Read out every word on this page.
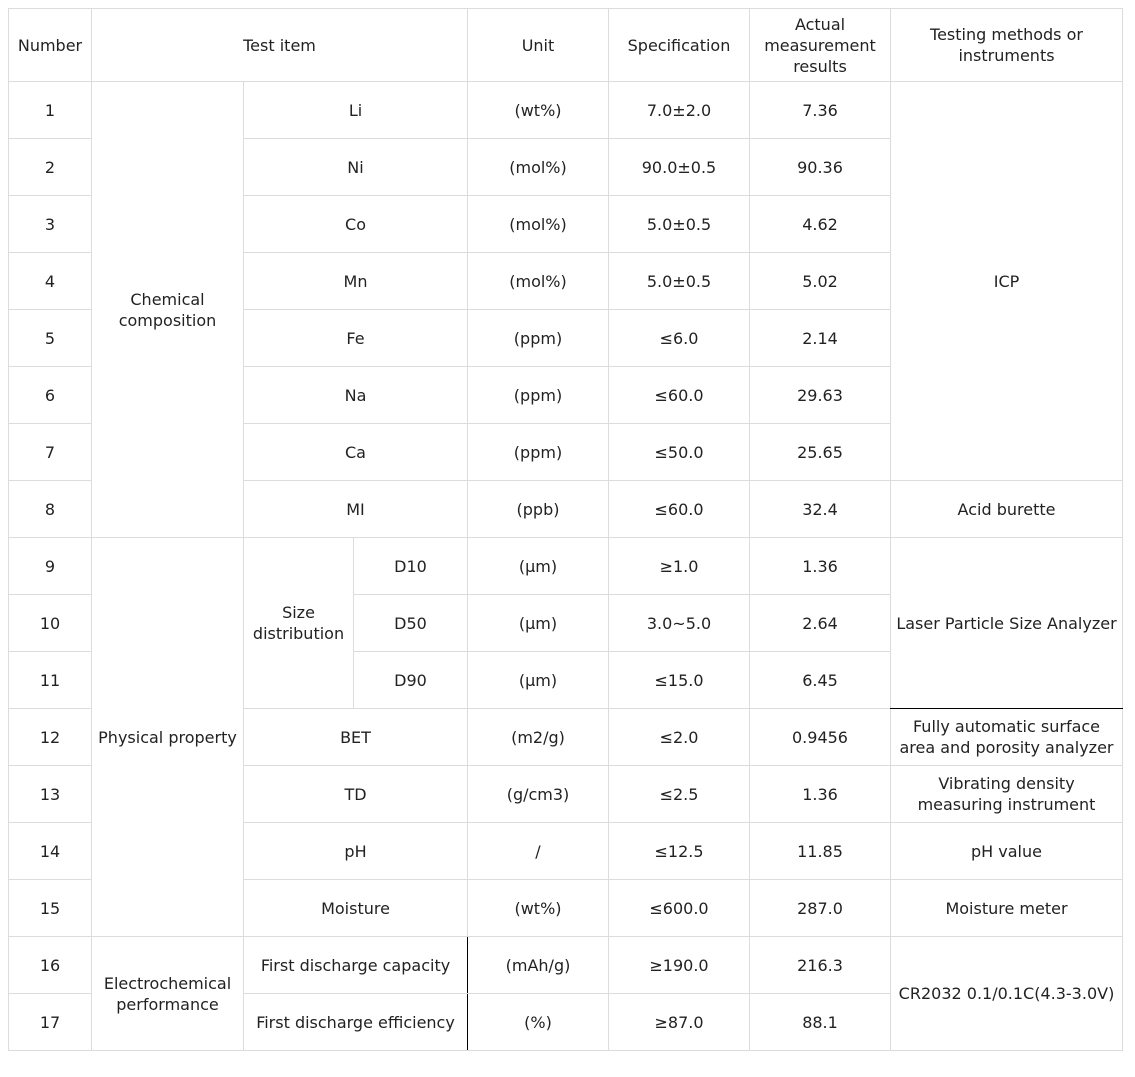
Number	Test item			Unit	Specification	Actual measurement results	Testing methods or instruments
1	Chemical composition	Li		(wt%)	7.0±2.0	7.36	ICP
2		Ni		(mol%)	90.0±0.5	90.36	
3		Co		(mol%)	5.0±0.5	4.62	
4		Mn		(mol%)	5.0±0.5	5.02	
5		Fe		(ppm)	≤6.0	2.14	
6		Na		(ppm)	≤60.0	29.63	
7		Ca		(ppm)	≤50.0	25.65	
8		MI		(ppb)	≤60.0	32.4	Acid burette
9	Physical property	Size distribution	D10	(μm)	≥1.0	1.36	Laser Particle Size Analyzer
10			D50	(μm)	3.0~5.0	2.64	
11			D90	(μm)	≤15.0	6.45	
12		BET		(m2/g)	≤2.0	0.9456	Fully automatic surface area and porosity analyzer
13		TD		(g/cm3)	≤2.5	1.36	Vibrating density measuring instrument
14		pH		/	≤12.5	11.85	pH value
15		Moisture		(wt%)	≤600.0	287.0	Moisture meter
16	Electrochemical performance	First discharge capacity		(mAh/g)	≥190.0	216.3	CR2032 0.1/0.1C(4.3-3.0V)
17		First discharge efficiency		(%)	≥87.0	88.1	
